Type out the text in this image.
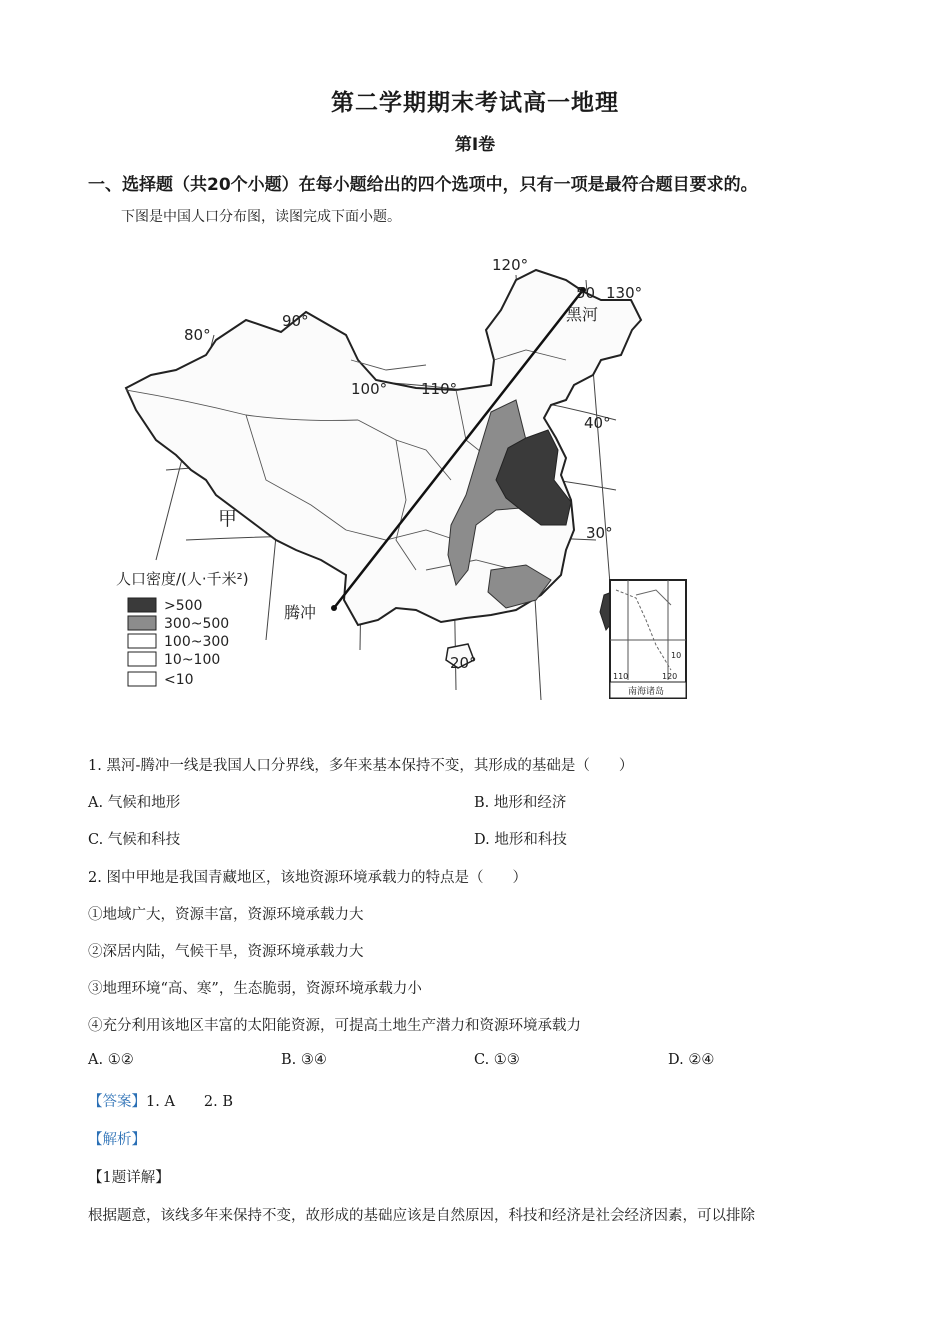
第二学期期末考试高一地理
第Ⅰ卷
一、选择题（共20个小题）在每小题给出的四个选项中，只有一项是最符合题目要求的。
下图是中国人口分布图，读图完成下面小题。
80°
90°
100° 110°
120°
50 130°
40°
30°
20°
黑河
腾冲
甲
人口密度/(人·千米²)
>500
300~500
100~300
10~100
<10
10
110	120
南海诸岛
1. 黑河-腾冲一线是我国人口分界线，多年来基本保持不变，其形成的基础是（　　）
A. 气候和地形	B. 地形和经济
C. 气候和科技	D. 地形和科技
2. 图中甲地是我国青藏地区，该地资源环境承载力的特点是（　　）
①地域广大，资源丰富，资源环境承载力大
②深居内陆，气候干旱，资源环境承载力大
③地理环境“高、寒”，生态脆弱，资源环境承载力小
④充分利用该地区丰富的太阳能资源，可提高土地生产潜力和资源环境承载力
A. ①②	B. ③④	C. ①③	D. ②④
【答案】1. A　　2. B
【解析】
【1题详解】
根据题意，该线多年来保持不变，故形成的基础应该是自然原因，科技和经济是社会经济因素，可以排除
